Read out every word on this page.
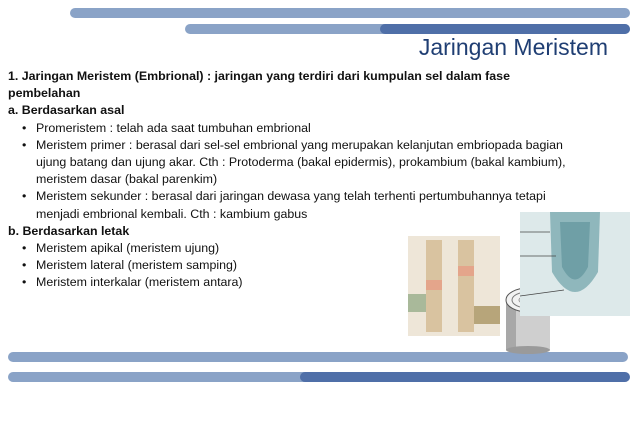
Jaringan Meristem
1. Jaringan Meristem (Embrional) : jaringan yang terdiri dari kumpulan sel dalam fase pembelahan
a. Berdasarkan asal
• Promeristem : telah ada saat tumbuhan embrional
• Meristem primer : berasal dari sel-sel embrional yang merupakan kelanjutan embriopada bagian ujung batang dan ujung akar. Cth : Protoderma (bakal epidermis), prokambium (bakal kambium), meristem dasar (bakal parenkim)
• Meristem sekunder : berasal dari jaringan dewasa yang telah terhenti pertumbuhannya tetapi menjadi embrional kembali. Cth : kambium gabus
b. Berdasarkan letak
• Meristem apikal (meristem ujung)
• Meristem lateral (meristem samping)
• Meristem interkalar (meristem antara)
